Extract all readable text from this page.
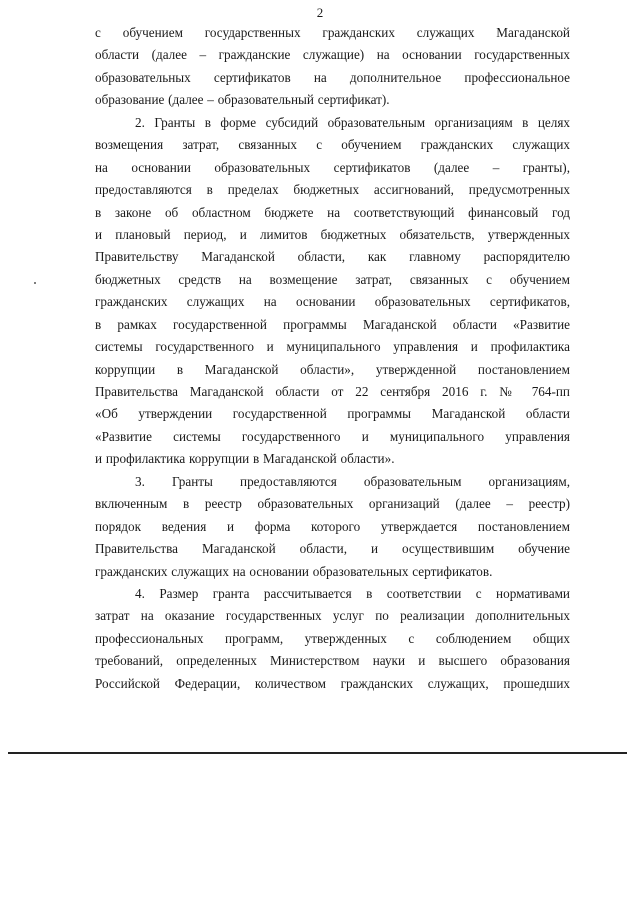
2
с обучением государственных гражданских служащих Магаданской
области (далее – гражданские служащие) на основании государственных
образовательных сертификатов на дополнительное профессиональное
образование (далее – образовательный сертификат).
2. Гранты в форме субсидий образовательным организациям в целях
возмещения затрат, связанных с обучением гражданских служащих
на основании образовательных сертификатов (далее – гранты),
предоставляются в пределах бюджетных ассигнований, предусмотренных
в законе об областном бюджете на соответствующий финансовый год
и плановый период, и лимитов бюджетных обязательств, утвержденных
Правительству Магаданской области, как главному распорядителю
бюджетных средств на возмещение затрат, связанных с обучением
гражданских служащих на основании образовательных сертификатов,
в рамках государственной программы Магаданской области «Развитие
системы государственного и муниципального управления и профилактика
коррупции в Магаданской области», утвержденной постановлением
Правительства Магаданской области от 22 сентября 2016 г. № 764-пп
«Об утверждении государственной программы Магаданской области
«Развитие системы государственного и муниципального управления
и профилактика коррупции в Магаданской области».
3. Гранты предоставляются образовательным организациям,
включенным в реестр образовательных организаций (далее – реестр)
порядок ведения и форма которого утверждается постановлением
Правительства Магаданской области, и осуществившим обучение
гражданских служащих на основании образовательных сертификатов.
4. Размер гранта рассчитывается в соответствии с нормативами
затрат на оказание государственных услуг по реализации дополнительных
профессиональных программ, утвержденных с соблюдением общих
требований, определенных Министерством науки и высшего образования
Российской Федерации, количеством гражданских служащих, прошедших
